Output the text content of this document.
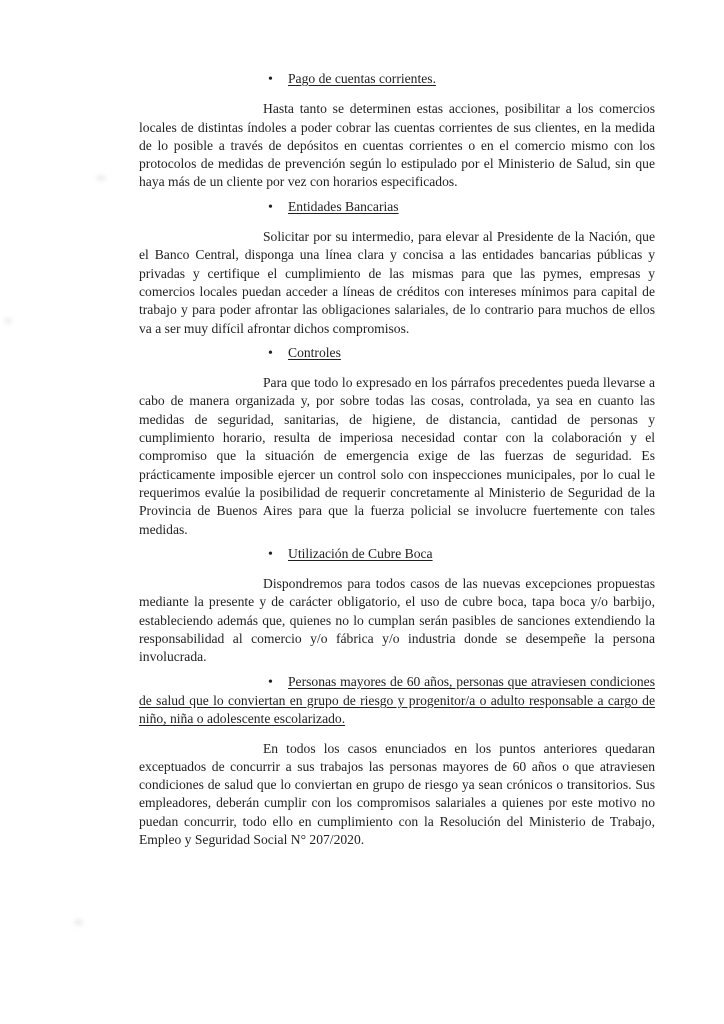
• Pago de cuentas corrientes.

Hasta tanto se determinen estas acciones, posibilitar a los comercios locales de distintas índoles a poder cobrar las cuentas corrientes de sus clientes, en la medida de lo posible a través de depósitos en cuentas corrientes o en el comercio mismo con los protocolos de medidas de prevención según lo estipulado por el Ministerio de Salud, sin que haya más de un cliente por vez con horarios especificados.

• Entidades Bancarias

Solicitar por su intermedio, para elevar al Presidente de la Nación, que el Banco Central, disponga una línea clara y concisa a las entidades bancarias públicas y privadas y certifique el cumplimiento de las mismas para que las pymes, empresas y comercios locales puedan acceder a líneas de créditos con intereses mínimos para capital de trabajo y para poder afrontar las obligaciones salariales, de lo contrario para muchos de ellos va a ser muy difícil afrontar dichos compromisos.

• Controles

Para que todo lo expresado en los párrafos precedentes pueda llevarse a cabo de manera organizada y, por sobre todas las cosas, controlada, ya sea en cuanto las medidas de seguridad, sanitarias, de higiene, de distancia, cantidad de personas y cumplimiento horario, resulta de imperiosa necesidad contar con la colaboración y el compromiso que la situación de emergencia exige de las fuerzas de seguridad. Es prácticamente imposible ejercer un control solo con inspecciones municipales, por lo cual le requerimos evalúe la posibilidad de requerir concretamente al Ministerio de Seguridad de la Provincia de Buenos Aires para que la fuerza policial se involucre fuertemente con tales medidas.

• Utilización de Cubre Boca

Dispondremos para todos casos de las nuevas excepciones propuestas mediante la presente y de carácter obligatorio, el uso de cubre boca, tapa boca y/o barbijo, estableciendo además que, quienes no lo cumplan serán pasibles de sanciones extendiendo la responsabilidad al comercio y/o fábrica y/o industria donde se desempeñe la persona involucrada.

• Personas mayores de 60 años, personas que atraviesen condiciones de salud que lo conviertan en grupo de riesgo y progenitor/a o adulto responsable a cargo de niño, niña o adolescente escolarizado.

En todos los casos enunciados en los puntos anteriores quedaran exceptuados de concurrir a sus trabajos las personas mayores de 60 años o que atraviesen condiciones de salud que lo conviertan en grupo de riesgo ya sean crónicos o transitorios. Sus empleadores, deberán cumplir con los compromisos salariales a quienes por este motivo no puedan concurrir, todo ello en cumplimiento con la Resolución del Ministerio de Trabajo, Empleo y Seguridad Social N° 207/2020.
